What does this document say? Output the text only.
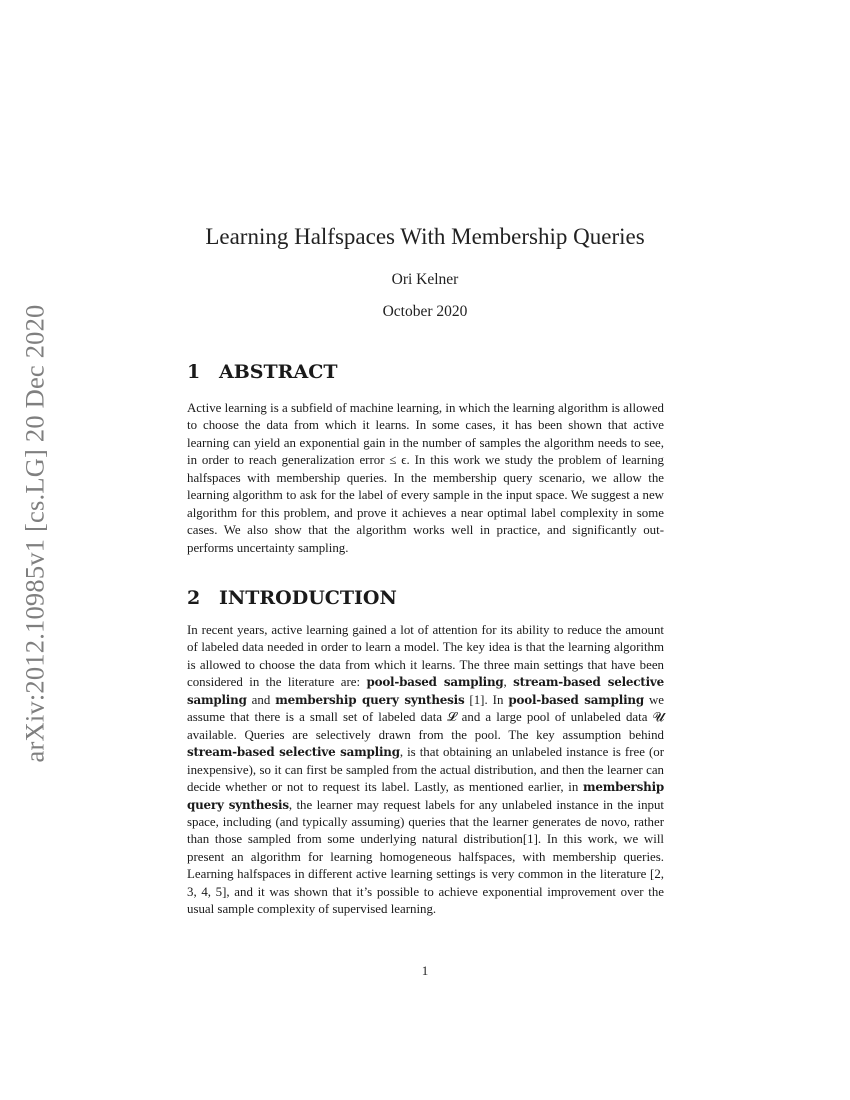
arXiv:2012.10985v1 [cs.LG] 20 Dec 2020
Learning Halfspaces With Membership Queries
Ori Kelner
October 2020
1 ABSTRACT

Active learning is a subfield of machine learning, in which the learning algorithm is allowed to choose the data from which it learns. In some cases, it has been shown that active learning can yield an exponential gain in the number of samples the algorithm needs to see, in order to reach generalization error ≤ ϵ. In this work we study the problem of learning halfspaces with membership queries. In the membership query scenario, we allow the learning algorithm to ask for the label of every sample in the input space. We suggest a new algorithm for this problem, and prove it achieves a near optimal label complexity in some cases. We also show that the algorithm works well in practice, and significantly out-performs uncertainty sampling.

2 INTRODUCTION

In recent years, active learning gained a lot of attention for its ability to reduce the amount of labeled data needed in order to learn a model. The key idea is that the learning algorithm is allowed to choose the data from which it learns. The three main settings that have been considered in the literature are: pool-based sampling, stream-based selective sampling and membership query synthesis [1]. In pool-based sampling we assume that there is a small set of labeled data 𝓛 and a large pool of unlabeled data 𝓤 available. Queries are selectively drawn from the pool. The key assumption behind stream-based selective sampling, is that obtaining an unlabeled instance is free (or inexpensive), so it can first be sampled from the actual distribution, and then the learner can decide whether or not to request its label. Lastly, as mentioned earlier, in membership query synthesis, the learner may request labels for any unlabeled instance in the input space, including (and typically assuming) queries that the learner generates de novo, rather than those sampled from some underlying natural distribution[1]. In this work, we will present an algorithm for learning homogeneous halfspaces, with membership queries. Learning halfspaces in different active learning settings is very common in the literature [2, 3, 4, 5], and it was shown that it’s possible to achieve exponential improvement over the usual sample complexity of supervised learning.

1
